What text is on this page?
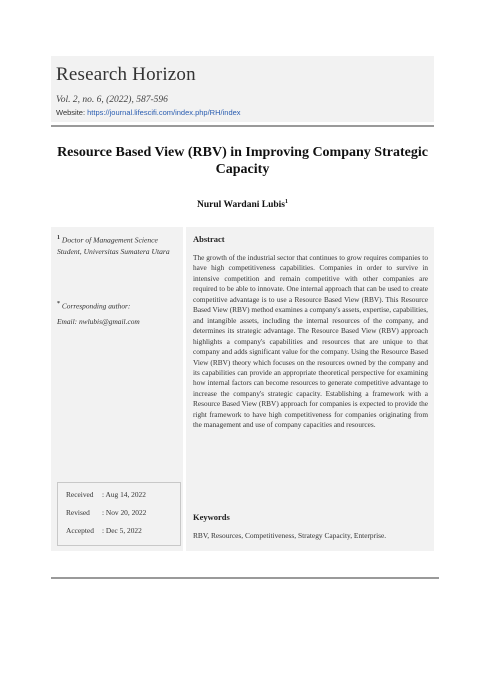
Research Horizon
Vol. 2, no. 6, (2022), 587-596
Website: https://journal.lifescifi.com/index.php/RH/index
Resource Based View (RBV) in Improving Company Strategic Capacity
Nurul Wardani Lubis$^1$
$^1$ Doctor of Management Science Student, Universitas Sumatera Utara
* Corresponding author:
Email: nwlubis@gmail.com
Received : Aug 14, 2022
Revised : Nov 20, 2022
Accepted : Dec 5, 2022
Abstract
The growth of the industrial sector that continues to grow requires companies to have high competitiveness capabilities. Companies in order to survive in intensive competition and remain competitive with other companies are required to be able to innovate. One internal approach that can be used to create competitive advantage is to use a Resource Based View (RBV). This Resource Based View (RBV) method examines a company's assets, expertise, capabilities, and intangible assets, including the internal resources of the company, and determines its strategic advantage. The Resource Based View (RBV) approach highlights a company's capabilities and resources that are unique to that company and adds significant value for the company. Using the Resource Based View (RBV) theory which focuses on the resources owned by the company and its capabilities can provide an appropriate theoretical perspective for examining how internal factors can become resources to generate competitive advantage to increase the company's strategic capacity. Establishing a framework with a Resource Based View (RBV) approach for companies is expected to provide the right framework to have high competitiveness for companies originating from the management and use of company capacities and resources.
Keywords
RBV, Resources, Competitiveness, Strategy Capacity, Enterprise.
